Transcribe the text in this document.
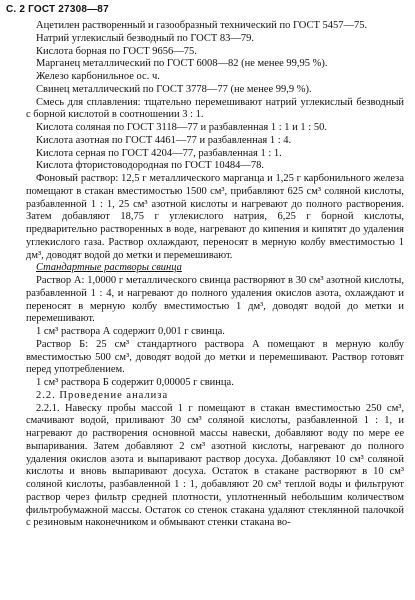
С. 2 ГОСТ 27308—87

Ацетилен растворенный и газообразный технический по ГОСТ 5457—75.

Натрий углекислый безводный по ГОСТ 83—79.

Кислота борная по ГОСТ 9656—75.

Марганец металлический по ГОСТ 6008—82 (не менее 99,95 %).

Железо карбонильное ос. ч.

Свинец металлический по ГОСТ 3778—77 (не менее 99,9 %).

Смесь для сплавления: тщательно перемешивают натрий углекислый безводный с борной кислотой в соотношении 3 : 1.

Кислота соляная по ГОСТ 3118—77 и разбавленная 1 : 1 и 1 : 50.

Кислота азотная по ГОСТ 4461—77 и разбавленная 1 : 4.

Кислота серная по ГОСТ 4204—77, разбавленная 1 : 1.

Кислота фтористоводородная по ГОСТ 10484—78.

Фоновый раствор: 12,5 г металлического марганца и 1,25 г карбонильного железа помещают в стакан вместимостью 1500 см³, прибавляют 625 см³ соляной кислоты, разбавленной 1 : 1, 25 см³ азотной кислоты и нагревают до полного растворения. Затем добавляют 18,75 г углекислого натрия, 6,25 г борной кислоты, предварительно растворенных в воде, нагревают до кипения и кипятят до удаления углекислого газа. Раствор охлаждают, переносят в мерную колбу вместимостью 1 дм³, доводят водой до метки и перемешивают.

Стандартные растворы свинца

Раствор А: 1,0000 г металлического свинца растворяют в 30 см³ азотной кислоты, разбавленной 1 : 4, и нагревают до полного удаления окислов азота, охлаждают и переносят в мерную колбу вместимостью 1 дм³, доводят водой до метки и перемешивают.

1 см³ раствора А содержит 0,001 г свинца.

Раствор Б: 25 см³ стандартного раствора А помещают в мерную колбу вместимостью 500 см³, доводят водой до метки и перемешивают. Раствор готовят перед употреблением.

1 см³ раствора Б содержит 0,00005 г свинца.

2.2. Проведение анализа

2.2.1. Навеску пробы массой 1 г помещают в стакан вместимостью 250 см³, смачивают водой, приливают 30 см³ соляной кислоты, разбавленной 1 : 1, и нагревают до растворения основной массы навески, добавляют воду по мере ее выпаривания. Затем добавляют 2 см³ азотной кислоты, нагревают до полного удаления окислов азота и выпаривают раствор досуха. Добавляют 10 см³ соляной кислоты и вновь выпаривают досуха. Остаток в стакане растворяют в 10 см³ соляной кислоты, разбавленной 1 : 1, добавляют 20 см³ теплой воды и фильтруют раствор через фильтр средней плотности, уплотненный небольшим количеством фильтробумажной массы. Остаток со стенок стакана удаляют стеклянной палочкой с резиновым наконечником и обмывают стенки стакана во-
